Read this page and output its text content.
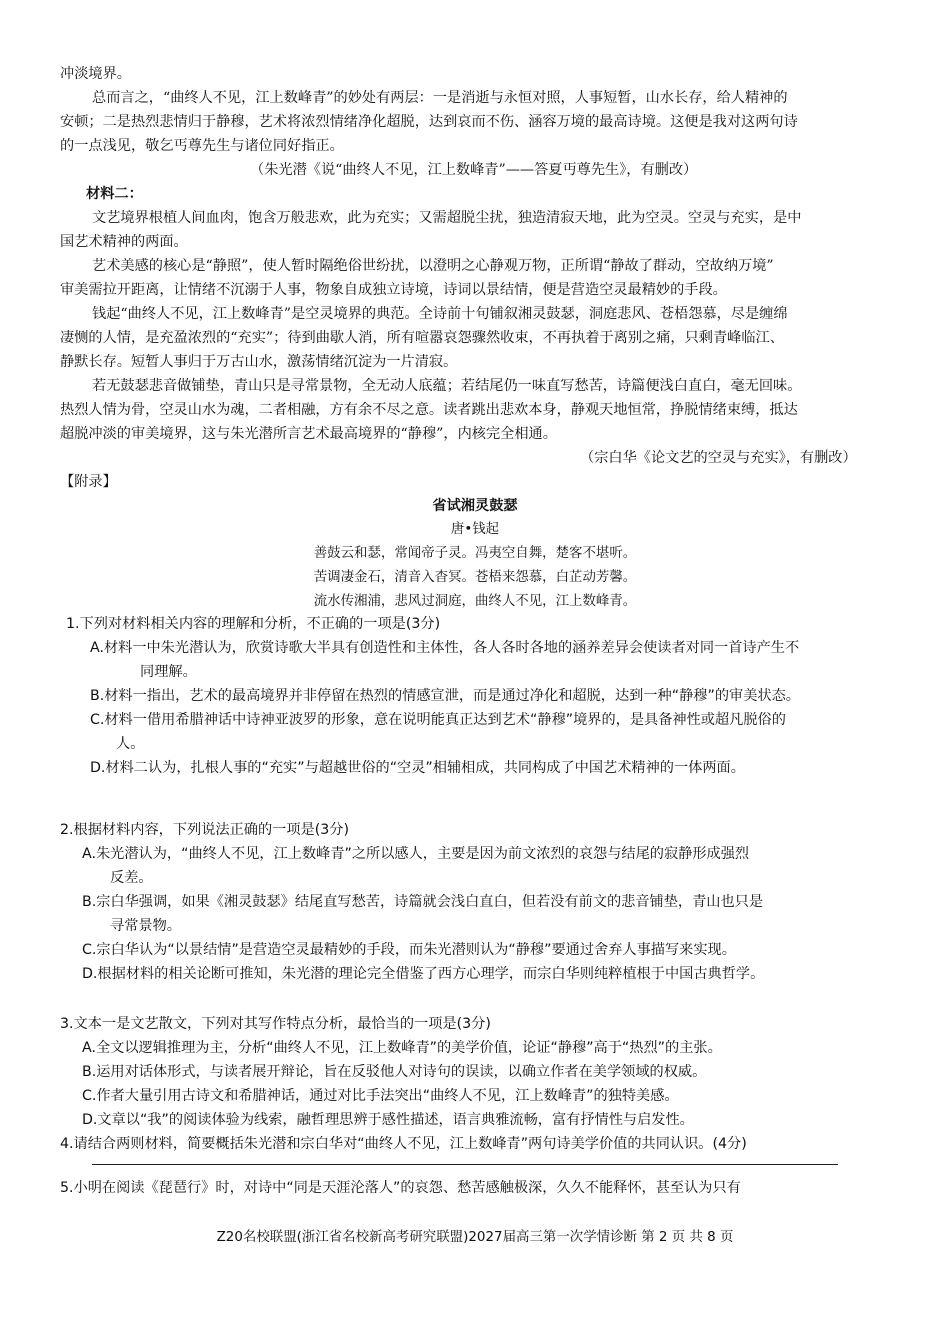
冲淡境界。
总而言之，“曲终人不见，江上数峰青”的妙处有两层：一是消逝与永恒对照，人事短暂，山水长存，给人精神的
安顿；二是热烈悲情归于静穆，艺术将浓烈情绪净化超脱，达到哀而不伤、涵容万境的最高诗境。这便是我对这两句诗
的一点浅见，敬乞丐尊先生与诸位同好指正。
（朱光潜《说“曲终人不见，江上数峰青”——答夏丏尊先生》，有删改）
材料二：
文艺境界根植人间血肉，饱含万般悲欢，此为充实；又需超脱尘扰，独造清寂天地，此为空灵。空灵与充实，是中
国艺术精神的两面。
艺术美感的核心是“静照”，使人暂时隔绝俗世纷扰，以澄明之心静观万物，正所谓“静故了群动，空故纳万境”
审美需拉开距离，让情绪不沉溺于人事，物象自成独立诗境，诗词以景结情，便是营造空灵最精妙的手段。
钱起“曲终人不见，江上数峰青”是空灵境界的典范。全诗前十句铺叙湘灵鼓瑟，洞庭悲风、苍梧怨慕，尽是缠绵
凄恻的人情，是充盈浓烈的“充实”；待到曲歇人消，所有喧嚣哀怨骤然收束，不再执着于离别之痛，只剩青峰临江、
静默长存。短暂人事归于万古山水，激荡情绪沉淀为一片清寂。
若无鼓瑟悲音做铺垫，青山只是寻常景物，全无动人底蕴；若结尾仍一味直写愁苦，诗篇便浅白直白，毫无回味。
热烈人情为骨，空灵山水为魂，二者相融，方有余不尽之意。读者跳出悲欢本身，静观天地恒常，挣脱情绪束缚，抵达
超脱冲淡的审美境界，这与朱光潜所言艺术最高境界的“静穆”，内核完全相通。
（宗白华《论文艺的空灵与充实》，有删改）
【附录】
省试湘灵鼓瑟
唐•钱起
善鼓云和瑟，常闻帝子灵。冯夷空自舞，楚客不堪听。
苦调凄金石，清音入杳冥。苍梧来怨慕，白芷动芳馨。
流水传湘浦，悲风过洞庭，曲终人不见，江上数峰青。
1.下列对材料相关内容的理解和分析，不正确的一项是(3分)
A.材料一中朱光潜认为，欣赏诗歌大半具有创造性和主体性，各人各时各地的涵养差异会使读者对同一首诗产生不
同理解。
B.材料一指出，艺术的最高境界并非停留在热烈的情感宣泄，而是通过净化和超脱，达到一种“静穆”的审美状态。
C.材料一借用希腊神话中诗神亚波罗的形象，意在说明能真正达到艺术“静穆”境界的，是具备神性或超凡脱俗的
人。
D.材料二认为，扎根人事的“充实”与超越世俗的“空灵”相辅相成，共同构成了中国艺术精神的一体两面。
2.根据材料内容，下列说法正确的一项是(3分)
A.朱光潜认为，“曲终人不见，江上数峰青”之所以感人，主要是因为前文浓烈的哀怨与结尾的寂静形成强烈
反差。
B.宗白华强调，如果《湘灵鼓瑟》结尾直写愁苦，诗篇就会浅白直白，但若没有前文的悲音铺垫，青山也只是
寻常景物。
C.宗白华认为“以景结情”是营造空灵最精妙的手段，而朱光潜则认为“静穆”要通过舍弃人事描写来实现。
D.根据材料的相关论断可推知，朱光潜的理论完全借鉴了西方心理学，而宗白华则纯粹植根于中国古典哲学。
3.文本一是文艺散文，下列对其写作特点分析，最恰当的一项是(3分)
A.全文以逻辑推理为主，分析“曲终人不见，江上数峰青”的美学价值，论证“静穆”高于“热烈”的主张。
B.运用对话体形式，与读者展开辩论，旨在反驳他人对诗句的误读，以确立作者在美学领域的权威。
C.作者大量引用古诗文和希腊神话，通过对比手法突出“曲终人不见，江上数峰青”的独特美感。
D.文章以“我”的阅读体验为线索，融哲理思辨于感性描述，语言典雅流畅，富有抒情性与启发性。
4.请结合两则材料，简要概括朱光潜和宗白华对“曲终人不见，江上数峰青”两句诗美学价值的共同认识。(4分)
5.小明在阅读《琵琶行》时，对诗中“同是天涯沦落人”的哀怨、愁苦感触极深，久久不能释怀，甚至认为只有
Z20名校联盟(浙江省名校新高考研究联盟)2027届高三第一次学情诊断 第 2 页 共 8 页
